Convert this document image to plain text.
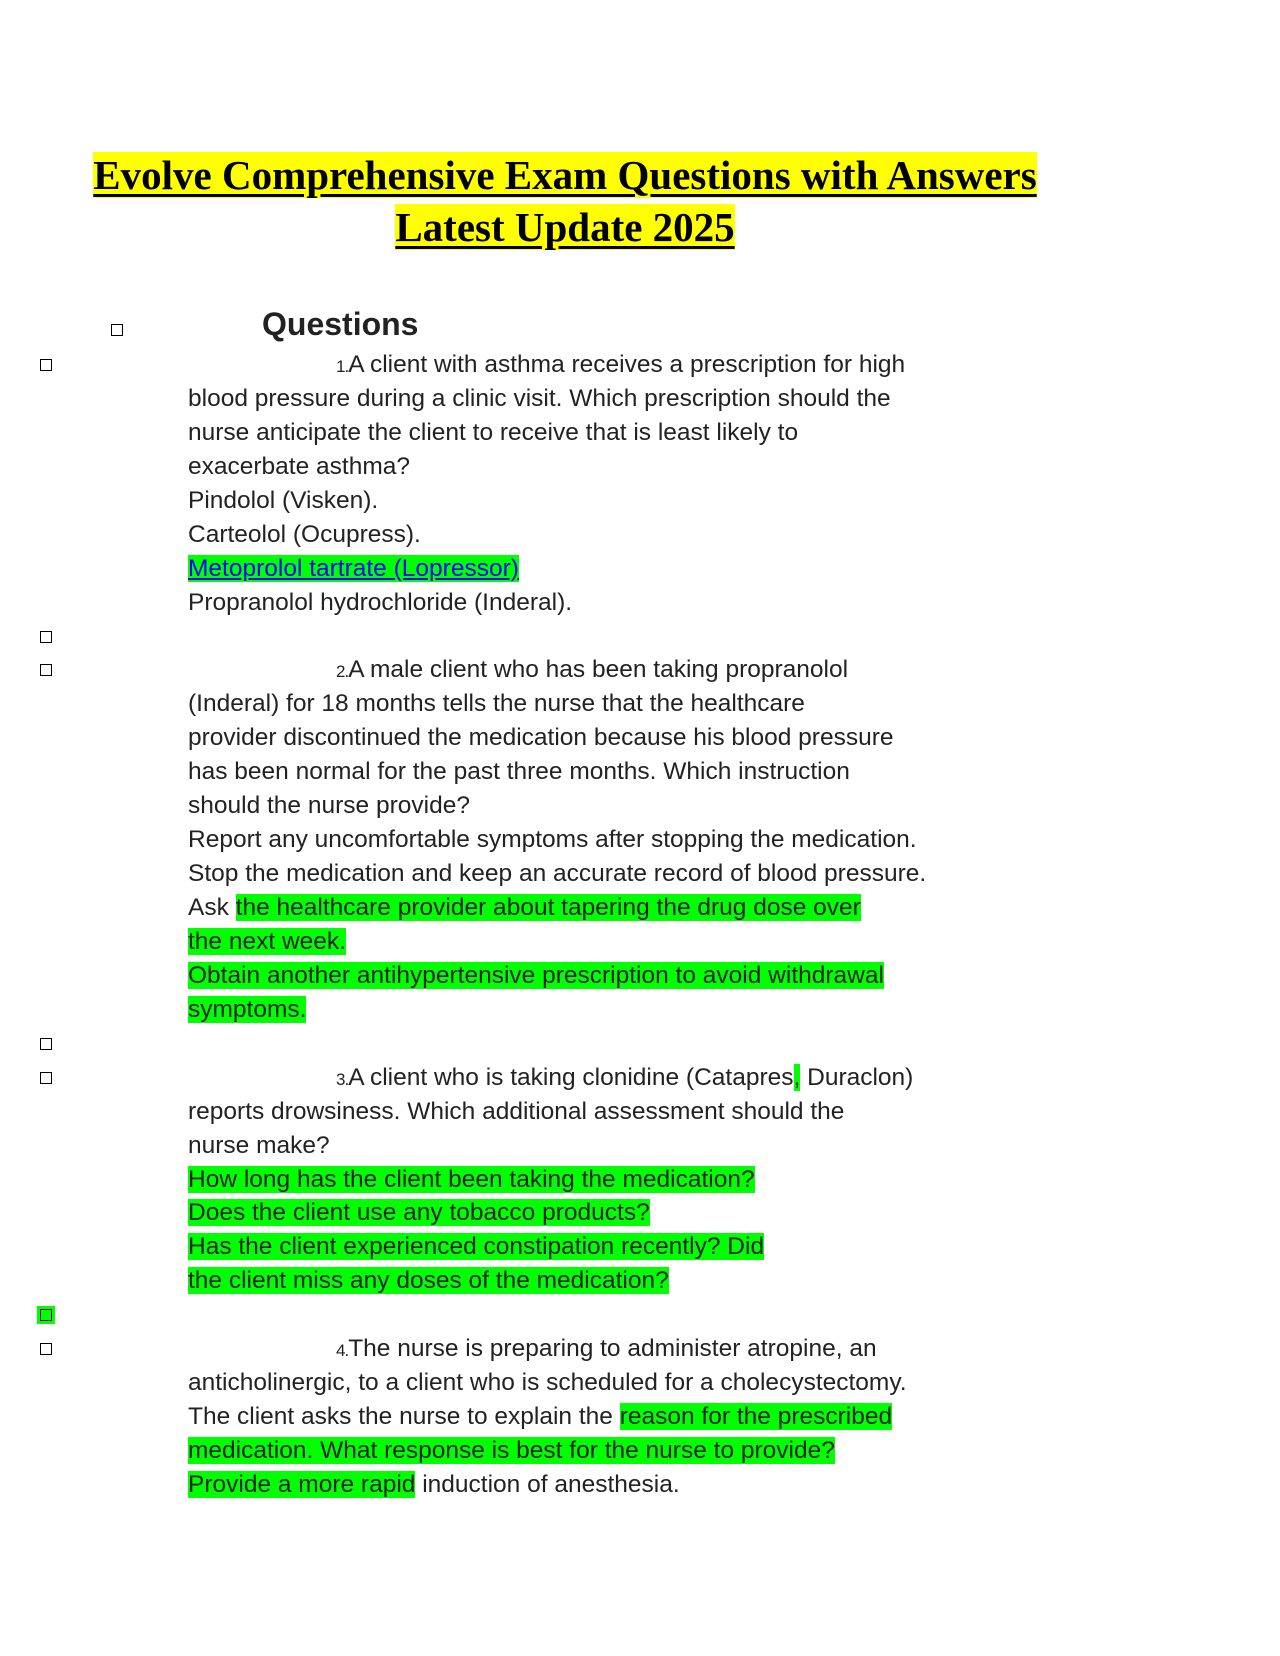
Evolve Comprehensive Exam Questions with Answers
Latest Update 2025
Questions
1.A client with asthma receives a prescription for high
blood pressure during a clinic visit. Which prescription should the
nurse anticipate the client to receive that is least likely to
exacerbate asthma?
Pindolol (Visken).
Carteolol (Ocupress).
Metoprolol tartrate (Lopressor)
Propranolol hydrochloride (Inderal).
2.A male client who has been taking propranolol
(Inderal) for 18 months tells the nurse that the healthcare
provider discontinued the medication because his blood pressure
has been normal for the past three months. Which instruction
should the nurse provide?
Report any uncomfortable symptoms after stopping the medication.
Stop the medication and keep an accurate record of blood pressure.
Ask the healthcare provider about tapering the drug dose over
the next week.
Obtain another antihypertensive prescription to avoid withdrawal
symptoms.
3.A client who is taking clonidine (Catapres, Duraclon)
reports drowsiness. Which additional assessment should the
nurse make?
How long has the client been taking the medication?
Does the client use any tobacco products?
Has the client experienced constipation recently? Did
the client miss any doses of the medication?
4.The nurse is preparing to administer atropine, an
anticholinergic, to a client who is scheduled for a cholecystectomy.
The client asks the nurse to explain the reason for the prescribed
medication. What response is best for the nurse to provide?
Provide a more rapid induction of anesthesia.
